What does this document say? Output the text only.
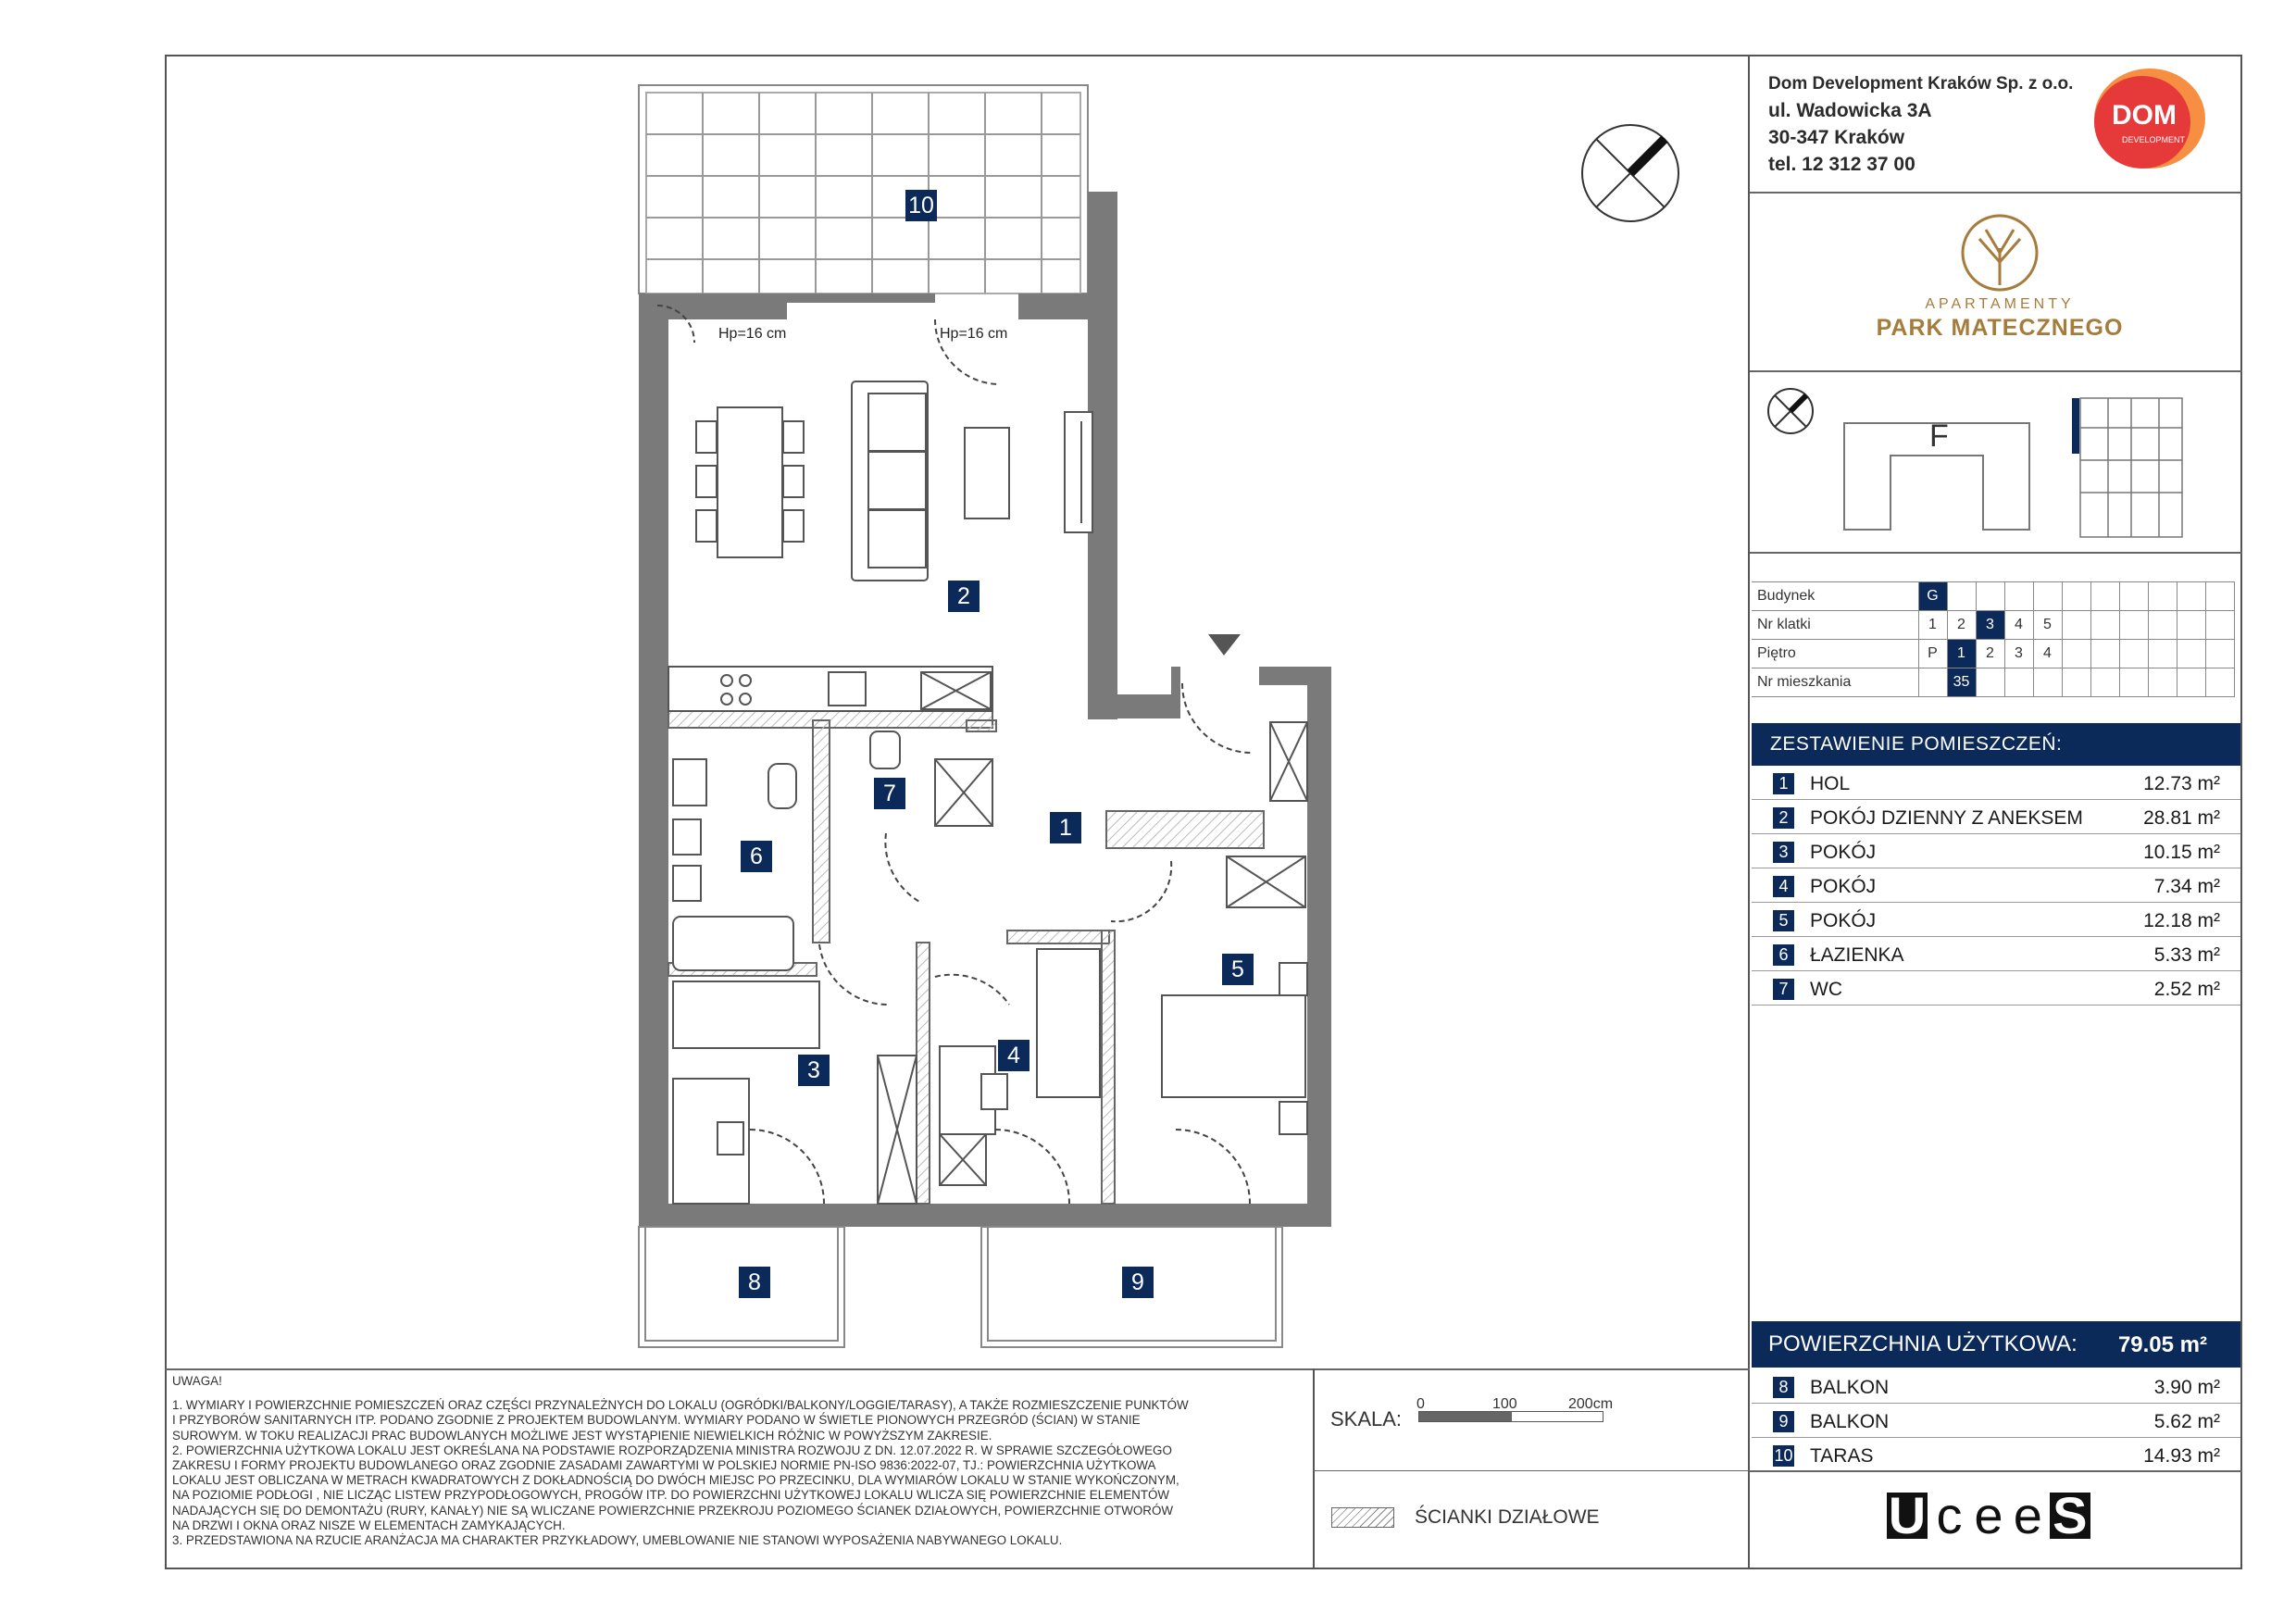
10
2
7
1
6
5
4
3
8	9
Hp=16 cm	Hp=16 cm
Dom Development Kraków Sp. z o.o.
ul. Wadowicka 3A
30-347 Kraków
tel. 12 312 37 00
DOM
DEVELOPMENT
APARTAMENTY
PARK MATECZNEGO
F
Budynek	G										
Nr klatki	1	2	3	4	5						
Piętro	P	1	2	3	4						
Nr mieszkania		35									
ZESTAWIENIE POMIESZCZEŃ:
1	HOL	12.73 m²
2	POKÓJ DZIENNY Z ANEKSEM	28.81 m²
3	POKÓJ	10.15 m²
4	POKÓJ	7.34 m²
5	POKÓJ	12.18 m²
6	ŁAZIENKA	5.33 m²
7	WC	2.52 m²
POWIERZCHNIA UŻYTKOWA: 79.05 m²
8	BALKON	3.90 m²
9	BALKON	5.62 m²
10 TARAS	14.93 m²
U c e e S

UWAGA!

1. WYMIARY I POWIERZCHNIE POMIESZCZEŃ ORAZ CZĘŚCI PRZYNALEŻNYCH DO LOKALU (OGRÓDKI/BALKONY/LOGGIE/TARASY), A TAKŻE ROZMIESZCZENIE PUNKTÓW

I PRZYBORÓW SANITARNYCH ITP. PODANO ZGODNIE Z PROJEKTEM BUDOWLANYM. WYMIARY PODANO W ŚWIETLE PIONOWYCH PRZEGRÓD (ŚCIAN) W STANIE

SUROWYM. W TOKU REALIZACJI PRAC BUDOWLANYCH MOŻLIWE JEST WYSTĄPIENIE NIEWIELKICH RÓŻNIC W POWYŻSZYM ZAKRESIE.

2. POWIERZCHNIA UŻYTKOWA LOKALU JEST OKREŚLANA NA PODSTAWIE ROZPORZĄDZENIA MINISTRA ROZWOJU Z DN. 12.07.2022 R. W SPRAWIE SZCZEGÓŁOWEGO

ZAKRESU I FORMY PROJEKTU BUDOWLANEGO ORAZ ZGODNIE ZASADAMI ZAWARTYMI W POLSKIEJ NORMIE PN-ISO 9836:2022-07, TJ.: POWIERZCHNIA UŻYTKOWA

LOKALU JEST OBLICZANA W METRACH KWADRATOWYCH Z DOKŁADNOŚCIĄ DO DWÓCH MIEJSC PO PRZECINKU, DLA WYMIARÓW LOKALU W STANIE WYKOŃCZONYM,

NA POZIOMIE PODŁOGI , NIE LICZĄC LISTEW PRZYPODŁOGOWYCH, PROGÓW ITP. DO POWIERZCHNI UŻYTKOWEJ LOKALU WLICZA SIĘ POWIERZCHNIE ELEMENTÓW

NADAJĄCYCH SIĘ DO DEMONTAŻU (RURY, KANAŁY) NIE SĄ WLICZANE POWIERZCHNIE PRZEKROJU POZIOMEGO ŚCIANEK DZIAŁOWYCH, POWIERZCHNIE OTWORÓW

NA DRZWI I OKNA ORAZ NISZE W ELEMENTACH ZAMYKAJĄCYCH.

3. PRZEDSTAWIONA NA RZUCIE ARANŻACJA MA CHARAKTER PRZYKŁADOWY, UMEBLOWANIE NIE STANOWI WYPOSAŻENIA NABYWANEGO LOKALU.

SKALA:
0	100	200cm
ŚCIANKI DZIAŁOWE
